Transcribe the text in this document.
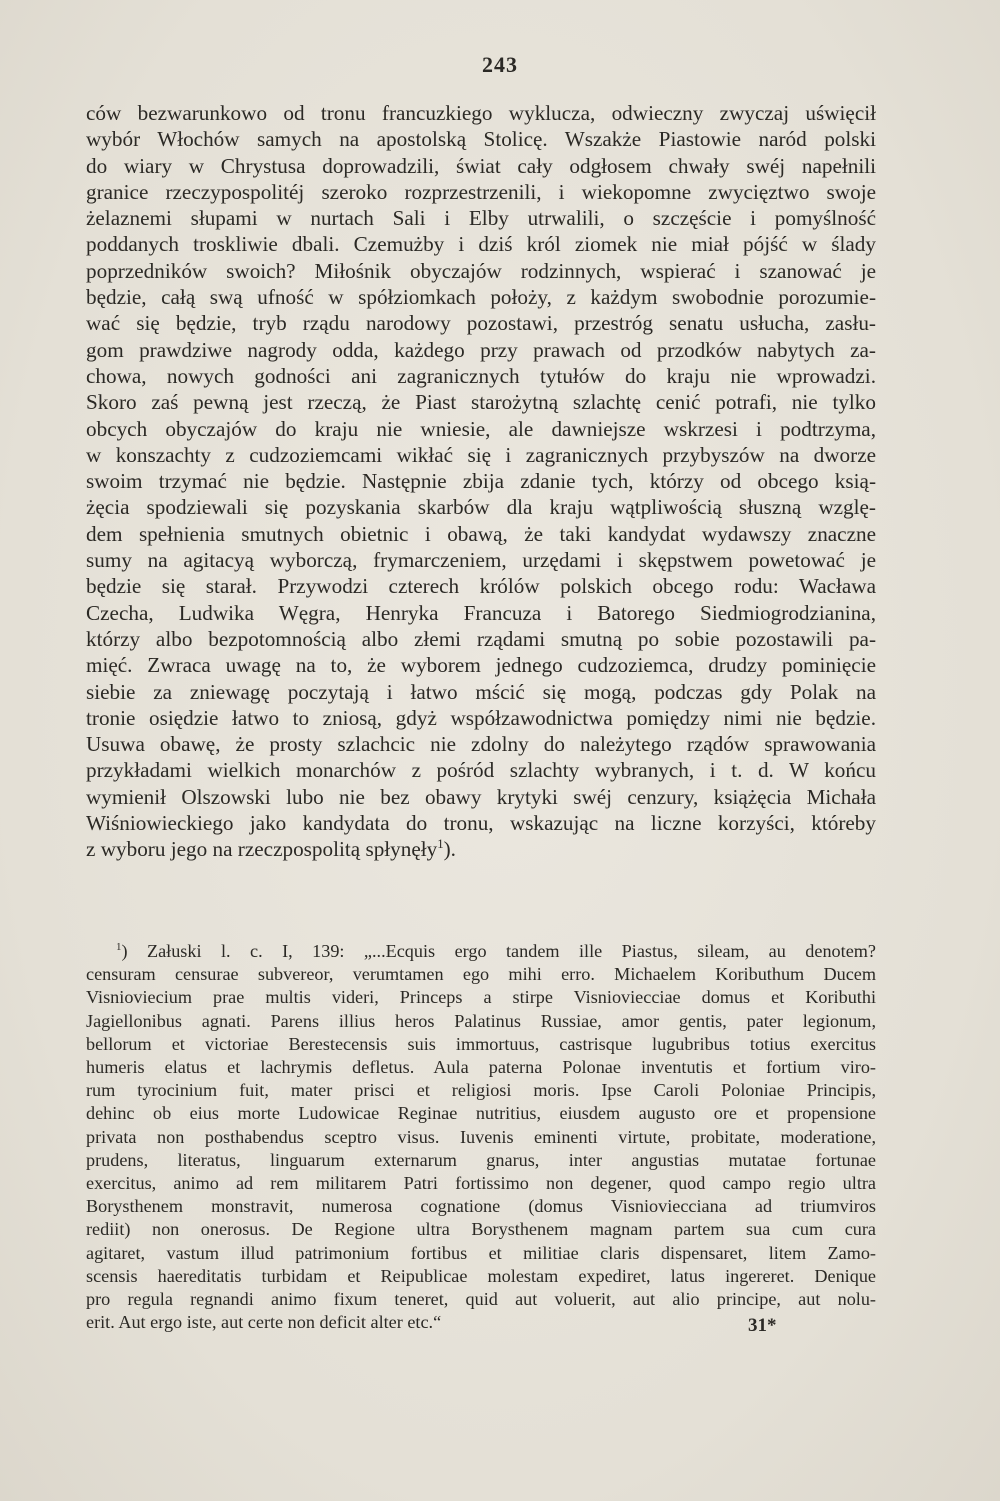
243
ców bezwarunkowo od tronu francuzkiego wyklucza, odwieczny zwyczaj uświęcił
wybór Włochów samych na apostolską Stolicę. Wszakże Piastowie naród polski
do wiary w Chrystusa doprowadzili, świat cały odgłosem chwały swéj napełnili
granice rzeczypospolitéj szeroko rozprzestrzenili, i wiekopomne zwycięztwo swoje
żelaznemi słupami w nurtach Sali i Elby utrwalili, o szczęście i pomyślność
poddanych troskliwie dbali. Czemużby i dziś król ziomek nie miał pójść w ślady
poprzedników swoich? Miłośnik obyczajów rodzinnych, wspierać i szanować je
będzie, całą swą ufność w spółziomkach położy, z każdym swobodnie porozumie-
wać się będzie, tryb rządu narodowy pozostawi, przestróg senatu usłucha, zasłu-
gom prawdziwe nagrody odda, każdego przy prawach od przodków nabytych za-
chowa, nowych godności ani zagranicznych tytułów do kraju nie wprowadzi.
Skoro zaś pewną jest rzeczą, że Piast starożytną szlachtę cenić potrafi, nie tylko
obcych obyczajów do kraju nie wniesie, ale dawniejsze wskrzesi i podtrzyma,
w konszachty z cudzoziemcami wikłać się i zagranicznych przybyszów na dworze
swoim trzymać nie będzie. Następnie zbija zdanie tych, którzy od obcego ksią-
żęcia spodziewali się pozyskania skarbów dla kraju wątpliwością słuszną wzglę-
dem spełnienia smutnych obietnic i obawą, że taki kandydat wydawszy znaczne
sumy na agitacyą wyborczą, frymarczeniem, urzędami i skępstwem powetować je
będzie się starał. Przywodzi czterech królów polskich obcego rodu: Wacława
Czecha, Ludwika Węgra, Henryka Francuza i Batorego Siedmiogrodzianina,
którzy albo bezpotomnością albo złemi rządami smutną po sobie pozostawili pa-
mięć. Zwraca uwagę na to, że wyborem jednego cudzoziemca, drudzy pominięcie
siebie za zniewagę poczytają i łatwo mścić się mogą, podczas gdy Polak na
tronie osiędzie łatwo to zniosą, gdyż współzawodnictwa pomiędzy nimi nie będzie.
Usuwa obawę, że prosty szlachcic nie zdolny do należytego rządów sprawowania
przykładami wielkich monarchów z pośród szlachty wybranych, i t. d. W końcu
wymienił Olszowski lubo nie bez obawy krytyki swéj cenzury, książęcia Michała
Wiśniowieckiego jako kandydata do tronu, wskazując na liczne korzyści, któreby
z wyboru jego na rzeczpospolitą spłynęły$^1$).
$^1$) Załuski l. c. I, 139: „...Ecquis ergo tandem ille Piastus, sileam, au denotem?
censuram censurae subvereor, verumtamen ego mihi erro. Michaelem Koributhum Ducem
Visnioviecium prae multis videri, Princeps a stirpe Visnioviecciae domus et Koributhi
Jagiellonibus agnati. Parens illius heros Palatinus Russiae, amor gentis, pater legionum,
bellorum et victoriae Berestecensis suis immortuus, castrisque lugubribus totius exercitus
humeris elatus et lachrymis defletus. Aula paterna Polonae inventutis et fortium viro-
rum tyrocinium fuit, mater prisci et religiosi moris. Ipse Caroli Poloniae Principis,
dehinc ob eius morte Ludowicae Reginae nutritius, eiusdem augusto ore et propensione
privata non posthabendus sceptro visus. Iuvenis eminenti virtute, probitate, moderatione,
prudens, literatus, linguarum externarum gnarus, inter angustias mutatae fortunae
exercitus, animo ad rem militarem Patri fortissimo non degener, quod campo regio ultra
Borysthenem monstravit, numerosa cognatione (domus Visnioviecciana ad triumviros
rediit) non onerosus. De Regione ultra Borysthenem magnam partem sua cum cura
agitaret, vastum illud patrimonium fortibus et militiae claris dispensaret, litem Zamo-
scensis haereditatis turbidam et Reipublicae molestam expediret, latus ingereret. Denique
pro regula regnandi animo fixum teneret, quid aut voluerit, aut alio principe, aut nolu-
erit. Aut ergo iste, aut certe non deficit alter etc.“	31*
